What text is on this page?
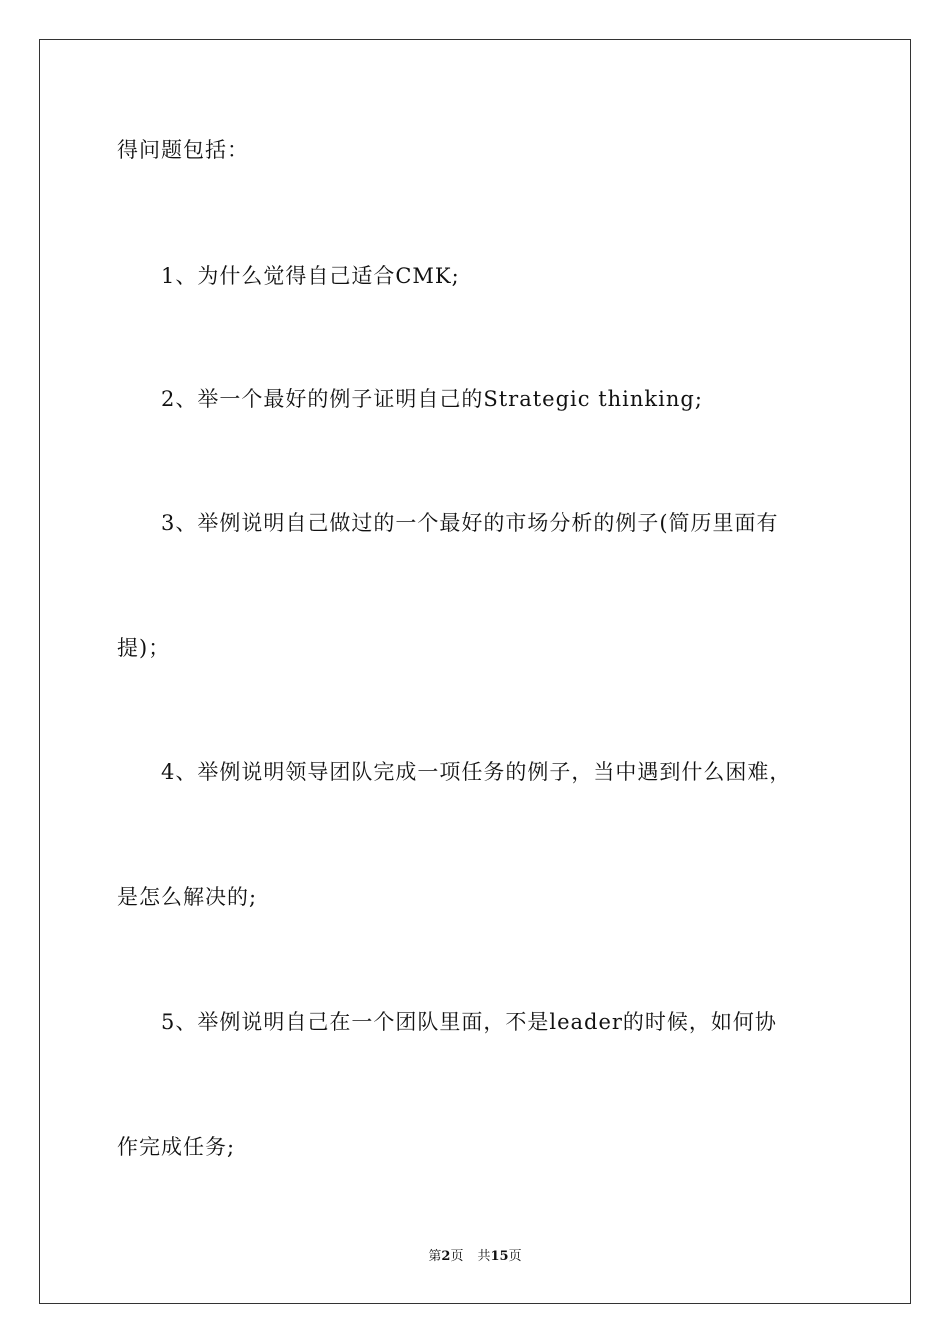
得问题包括：
1、为什么觉得自己适合CMK;
2、举一个最好的例子证明自己的Strategic thinking;
3、举例说明自己做过的一个最好的市场分析的例子(简历里面有
提)；
4、举例说明领导团队完成一项任务的例子，当中遇到什么困难，
是怎么解决的;
5、举例说明自己在一个团队里面，不是leader的时候，如何协
作完成任务;
第2页 共15页
